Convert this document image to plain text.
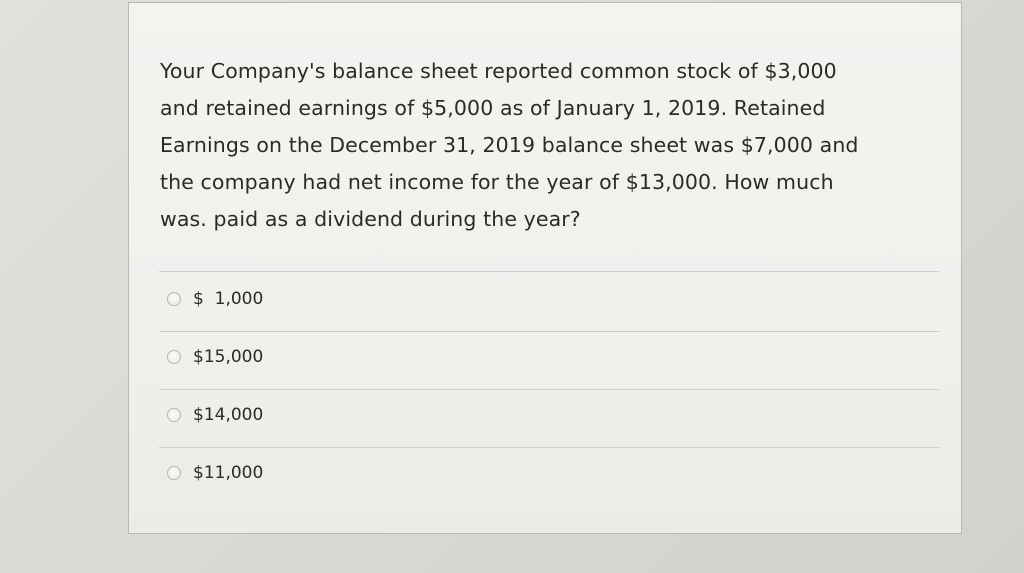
Your Company's balance sheet reported common stock of $3,000
and retained earnings of $5,000 as of January 1, 2019. Retained
Earnings on the December 31, 2019 balance sheet was $7,000 and
the company had net income for the year of $13,000. How much
was. paid as a dividend during the year?

$  1,000
$15,000
$14,000
$11,000
